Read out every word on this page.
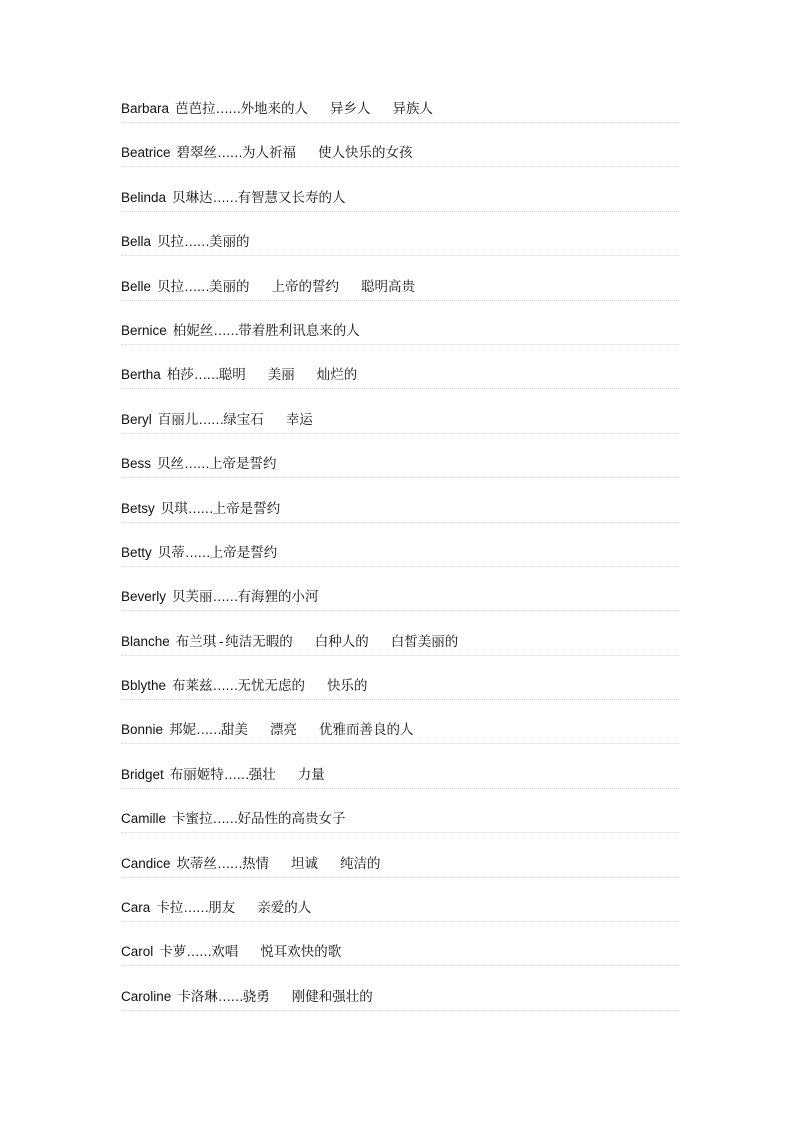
Barbara 芭芭拉……外地来的人 异乡人 异族人
Beatrice 碧翠丝……为人祈福 使人快乐的女孩
Belinda 贝琳达……有智慧又长寿的人
Bella 贝拉……美丽的
Belle 贝拉……美丽的 上帝的誓约 聪明高贵
Bernice 柏妮丝……带着胜利讯息来的人
Bertha 柏莎……聪明 美丽 灿烂的
Beryl 百丽儿……绿宝石 幸运
Bess 贝丝……上帝是誓约
Betsy 贝琪……上帝是誓约
Betty 贝蒂……上帝是誓约
Beverly 贝芙丽……有海狸的小河
Blanche 布兰琪 - 纯洁无暇的 白种人的 白皙美丽的
Bblythe 布莱兹……无忧无虑的 快乐的
Bonnie 邦妮……甜美 漂亮 优雅而善良的人
Bridget 布丽姬特……强壮 力量
Camille 卡蜜拉……好品性的高贵女子
Candice 坎蒂丝……热情 坦诚 纯洁的
Cara 卡拉……朋友 亲爱的人
Carol 卡萝……欢唱 悦耳欢快的歌
Caroline 卡洛琳……骁勇 刚健和强壮的
